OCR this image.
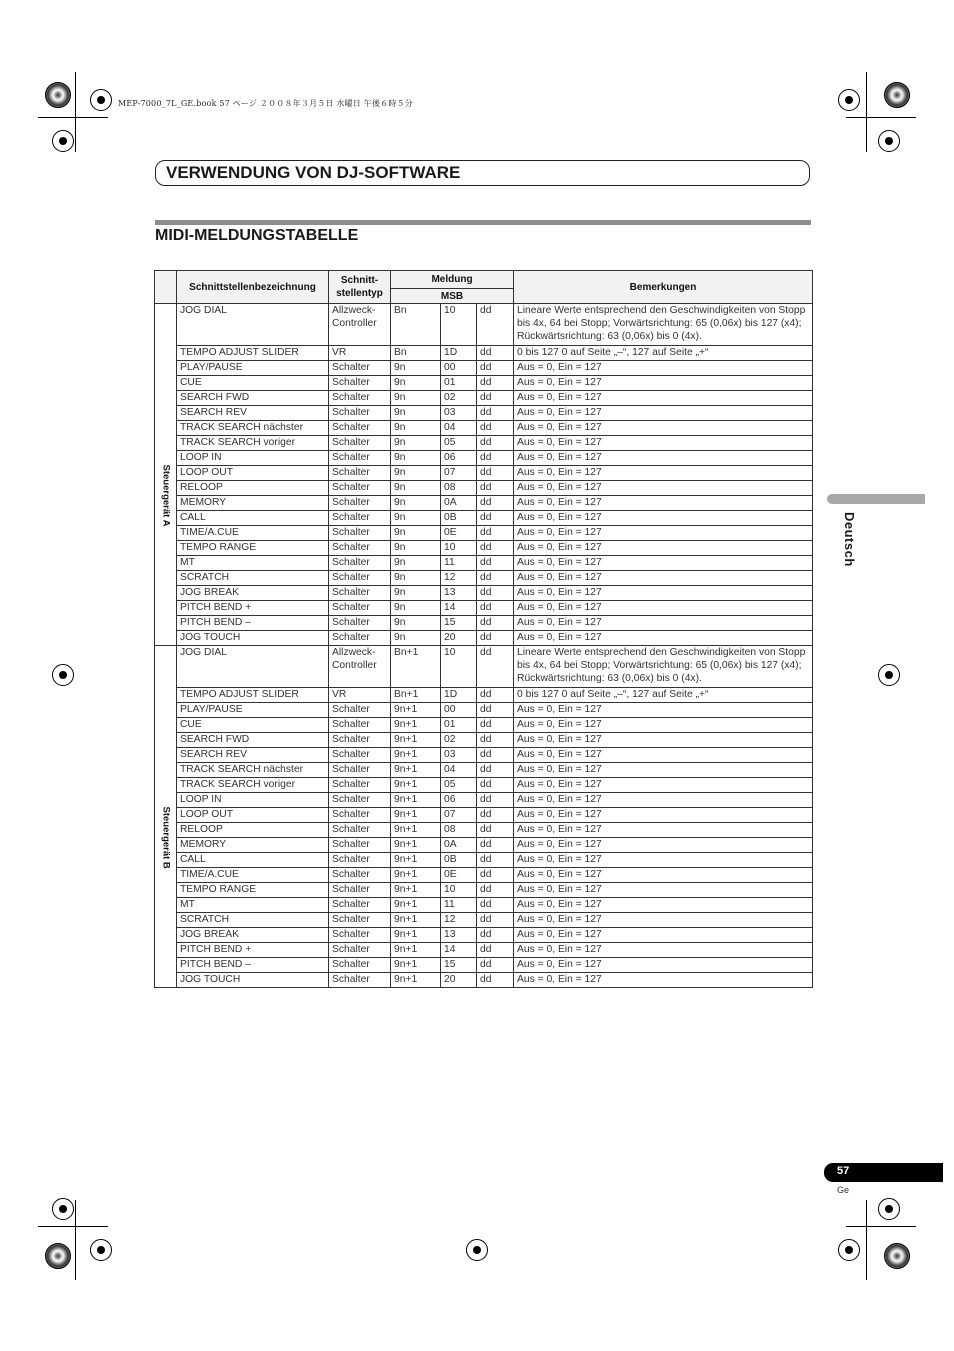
MEP-7000_7L_GE.book 57 ページ ２００８年３月５日 水曜日 午後６時５分
VERWENDUNG VON DJ-SOFTWARE
MIDI-MELDUNGSTABELLE
	Schnittstellenbezeichnung	Schnitt-
stellentyp	Meldung			Bemerkungen
			MSB			

Steuergerät A	JOG DIAL	Allzweck-
Controller	Bn	10	dd	Lineare Werte entsprechend den Geschwindigkeiten von Stopp bis 4x, 64 bei Stopp; Vorwärtsrichtung: 65 (0,06x) bis 127 (x4); Rückwärtsrichtung: 63 (0,06x) bis 0 (4x).
	TEMPO ADJUST SLIDER	VR	Bn	1D	dd	0 bis 127 0 auf Seite „–“, 127 auf Seite „+“
	PLAY/PAUSE	Schalter	9n	00	dd	Aus = 0, Ein = 127
	CUE	Schalter	9n	01	dd	Aus = 0, Ein = 127
	SEARCH FWD	Schalter	9n	02	dd	Aus = 0, Ein = 127
	SEARCH REV	Schalter	9n	03	dd	Aus = 0, Ein = 127
	TRACK SEARCH nächster	Schalter	9n	04	dd	Aus = 0, Ein = 127
	TRACK SEARCH voriger	Schalter	9n	05	dd	Aus = 0, Ein = 127
	LOOP IN	Schalter	9n	06	dd	Aus = 0, Ein = 127
	LOOP OUT	Schalter	9n	07	dd	Aus = 0, Ein = 127
	RELOOP	Schalter	9n	08	dd	Aus = 0, Ein = 127
	MEMORY	Schalter	9n	0A	dd	Aus = 0, Ein = 127
	CALL	Schalter	9n	0B	dd	Aus = 0, Ein = 127
	TIME/A.CUE	Schalter	9n	0E	dd	Aus = 0, Ein = 127
	TEMPO RANGE	Schalter	9n	10	dd	Aus = 0, Ein = 127
	MT	Schalter	9n	11	dd	Aus = 0, Ein = 127
	SCRATCH	Schalter	9n	12	dd	Aus = 0, Ein = 127
	JOG BREAK	Schalter	9n	13	dd	Aus = 0, Ein = 127
	PITCH BEND +	Schalter	9n	14	dd	Aus = 0, Ein = 127
	PITCH BEND –	Schalter	9n	15	dd	Aus = 0, Ein = 127
	JOG TOUCH	Schalter	9n	20	dd	Aus = 0, Ein = 127

Steuergerät B	JOG DIAL	Allzweck-
Controller	Bn+1	10	dd	Lineare Werte entsprechend den Geschwindigkeiten von Stopp bis 4x, 64 bei Stopp; Vorwärtsrichtung: 65 (0,06x) bis 127 (x4); Rückwärtsrichtung: 63 (0,06x) bis 0 (4x).
	TEMPO ADJUST SLIDER	VR	Bn+1	1D	dd	0 bis 127 0 auf Seite „–“, 127 auf Seite „+“
	PLAY/PAUSE	Schalter	9n+1	00	dd	Aus = 0, Ein = 127
	CUE	Schalter	9n+1	01	dd	Aus = 0, Ein = 127
	SEARCH FWD	Schalter	9n+1	02	dd	Aus = 0, Ein = 127
	SEARCH REV	Schalter	9n+1	03	dd	Aus = 0, Ein = 127
	TRACK SEARCH nächster	Schalter	9n+1	04	dd	Aus = 0, Ein = 127
	TRACK SEARCH voriger	Schalter	9n+1	05	dd	Aus = 0, Ein = 127
	LOOP IN	Schalter	9n+1	06	dd	Aus = 0, Ein = 127
	LOOP OUT	Schalter	9n+1	07	dd	Aus = 0, Ein = 127
	RELOOP	Schalter	9n+1	08	dd	Aus = 0, Ein = 127
	MEMORY	Schalter	9n+1	0A	dd	Aus = 0, Ein = 127
	CALL	Schalter	9n+1	0B	dd	Aus = 0, Ein = 127
	TIME/A.CUE	Schalter	9n+1	0E	dd	Aus = 0, Ein = 127
	TEMPO RANGE	Schalter	9n+1	10	dd	Aus = 0, Ein = 127
	MT	Schalter	9n+1	11	dd	Aus = 0, Ein = 127
	SCRATCH	Schalter	9n+1	12	dd	Aus = 0, Ein = 127
	JOG BREAK	Schalter	9n+1	13	dd	Aus = 0, Ein = 127
	PITCH BEND +	Schalter	9n+1	14	dd	Aus = 0, Ein = 127
	PITCH BEND –	Schalter	9n+1	15	dd	Aus = 0, Ein = 127
	JOG TOUCH	Schalter	9n+1	20	dd	Aus = 0, Ein = 127
Deutsch
57
Ge
